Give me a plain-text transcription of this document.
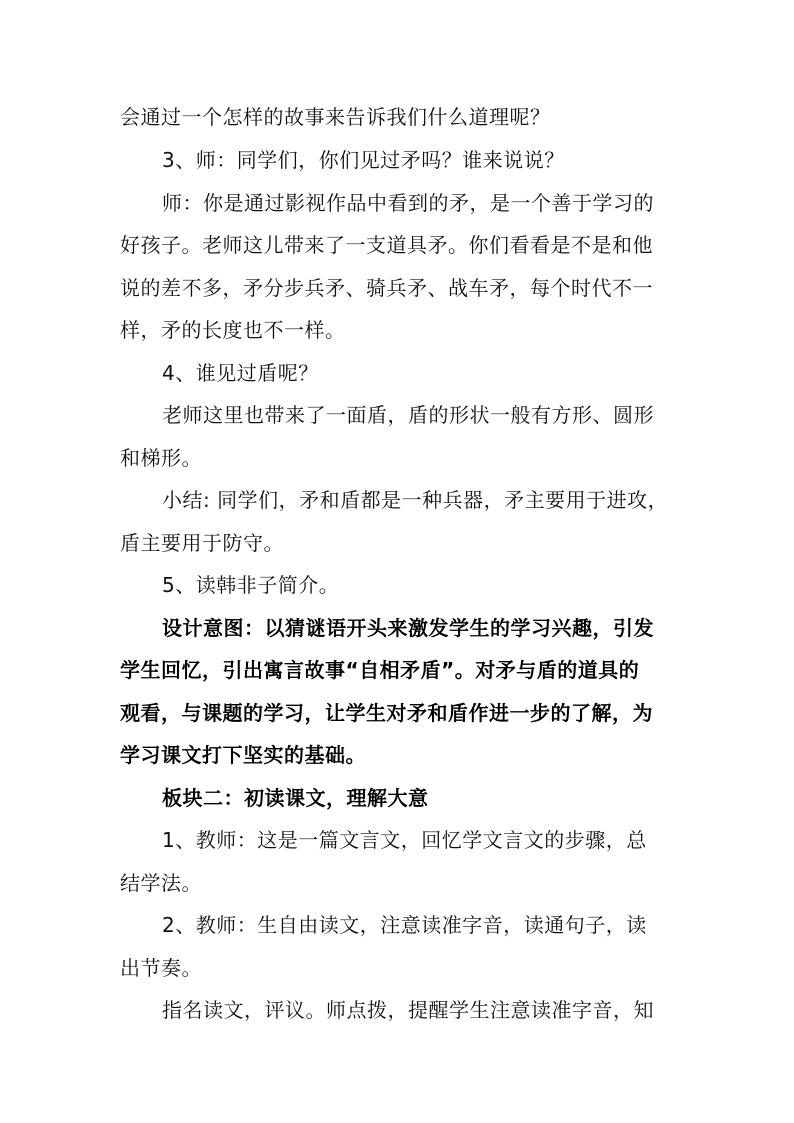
会通过一个怎样的故事来告诉我们什么道理呢？
3、师：同学们，你们见过矛吗？谁来说说？
师：你是通过影视作品中看到的矛，是一个善于学习的
好孩子。老师这儿带来了一支道具矛。你们看看是不是和他
说的差不多，矛分步兵矛、骑兵矛、战车矛，每个时代不一
样，矛的长度也不一样。
4、谁见过盾呢？
老师这里也带来了一面盾，盾的形状一般有方形、圆形
和梯形。
小结: 同学们，矛和盾都是一种兵器，矛主要用于进攻，
盾主要用于防守。
5、读韩非子简介。
设计意图：以猜谜语开头来激发学生的学习兴趣，引发
学生回忆，引出寓言故事“自相矛盾”。对矛与盾的道具的
观看，与课题的学习，让学生对矛和盾作进一步的了解，为
学习课文打下坚实的基础。
板块二：初读课文，理解大意
1、教师：这是一篇文言文，回忆学文言文的步骤，总
结学法。
2、教师：生自由读文，注意读准字音，读通句子，读
出节奏。
指名读文，评议。师点拨，提醒学生注意读准字音，知
